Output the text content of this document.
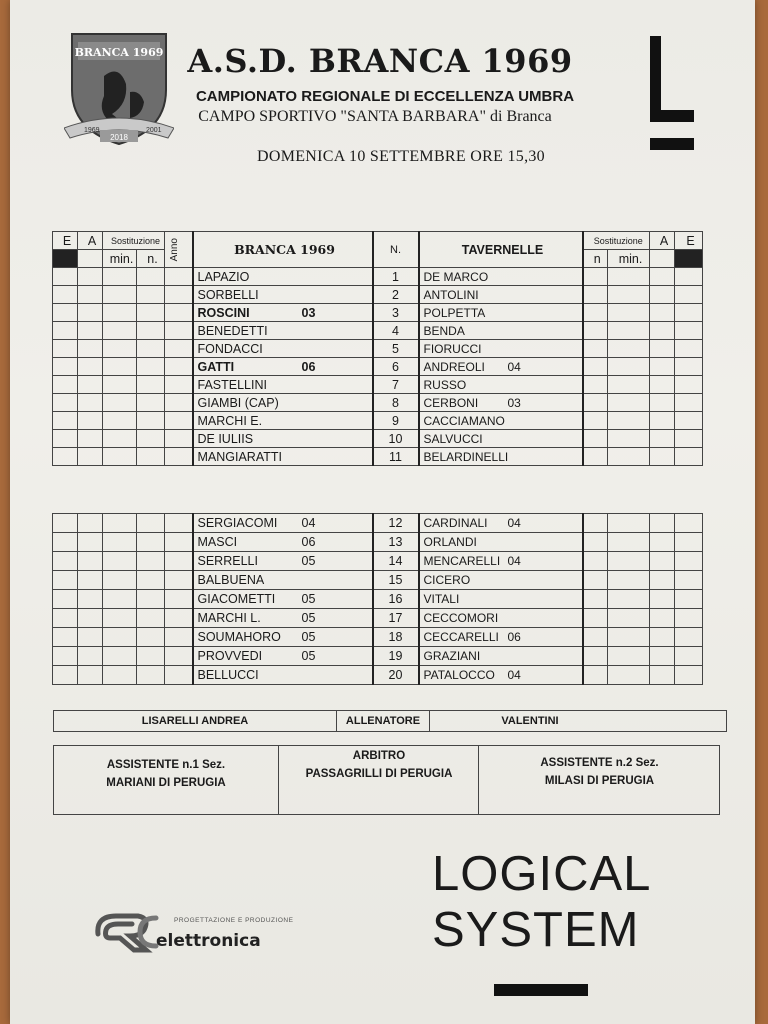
BRANCA 1969
1969	2001
2018
A.S.D. BRANCA 1969
CAMPIONATO REGIONALE DI ECCELLENZA UMBRA
CAMPO SPORTIVO "SANTA BARBARA" di Branca
DOMENICA 10 SETTEMBRE ORE 15,30
E	A	Sostituzione		Anno	BRANCA 1969	N.	TAVERNELLE	Sostituzione		A	E
		min.	n.					n	min.		
					LAPAZIO	1	DE MARCO				
					SORBELLI	2	ANTOLINI				
					ROSCINI 03	3	POLPETTA				
					BENEDETTI	4	BENDA				
					FONDACCI	5	FIORUCCI				
					GATTI 06	6	ANDREOLI 04				
					FASTELLINI	7	RUSSO				
					GIAMBI (CAP)	8	CERBONI 03				
					MARCHI E.	9	CACCIAMANO				
					DE IULIIS	10	SALVUCCI				
					MANGIARATTI	11	BELARDINELLI				
					SERGIACOMI 04	12	CARDINALI 04				
					MASCI 06	13	ORLANDI				
					SERRELLI 05	14	MENCARELLI 04				
					BALBUENA	15	CICERO				
					GIACOMETTI 05	16	VITALI				
					MARCHI L. 05	17	CECCOMORI				
					SOUMAHORO 05	18	CECCARELLI 06				
					PROVVEDI 05	19	GRAZIANI				
					BELLUCCI	20	PATALOCCO 04				
LISARELLI ANDREA	ALLENATORE	VALENTINI
ASSISTENTE n.1 Sez.
MARIANI DI PERUGIA
ARBITRO
PASSAGRILLI DI PERUGIA
ASSISTENTE n.2 Sez.
MILASI DI PERUGIA
LOGICAL
SYSTEM
PROGETTAZIONE E PRODUZIONE
elettronica
